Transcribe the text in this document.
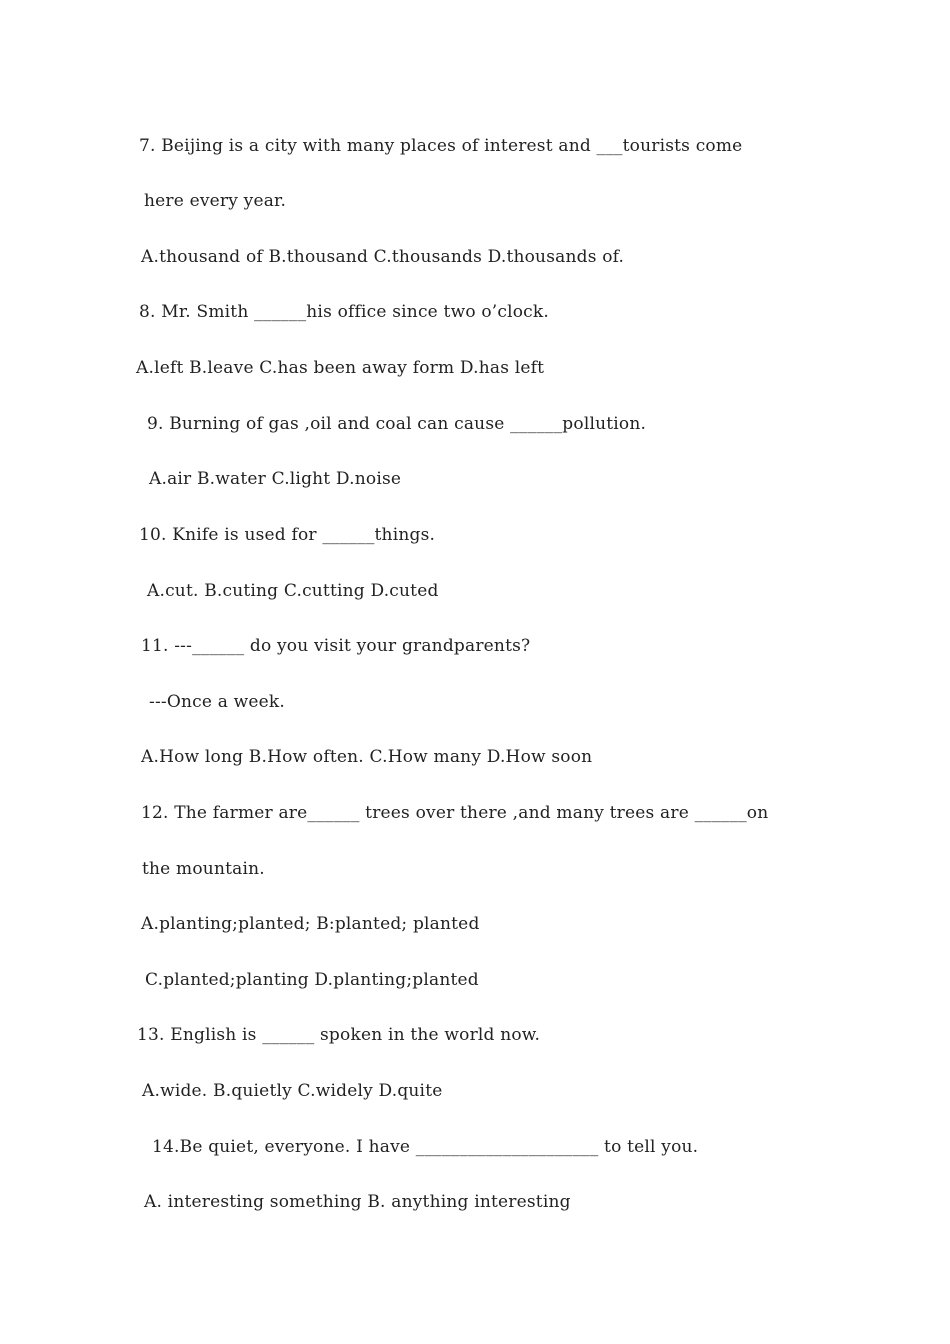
7. Beijing is a city with many places of interest and ___tourists come
here every year.
A.thousand of B.thousand C.thousands D.thousands of.
8. Mr. Smith ______his office since two o’clock.
A.left B.leave C.has been away form D.has left
9. Burning of gas ,oil and coal can cause ______pollution.
A.air B.water C.light D.noise
10. Knife is used for ______things.
A.cut. B.cuting C.cutting D.cuted
11. ---______ do you visit your grandparents?
---Once a week.
A.How long B.How often. C.How many D.How soon
12. The farmer are______ trees over there ,and many trees are ______on
the mountain.
A.planting;planted; B:planted; planted
C.planted;planting D.planting;planted
13. English is ______ spoken in the world now.
A.wide. B.quietly C.widely D.quite
14.Be quiet, everyone. I have _____________________ to tell you.
A. interesting something B. anything interesting
